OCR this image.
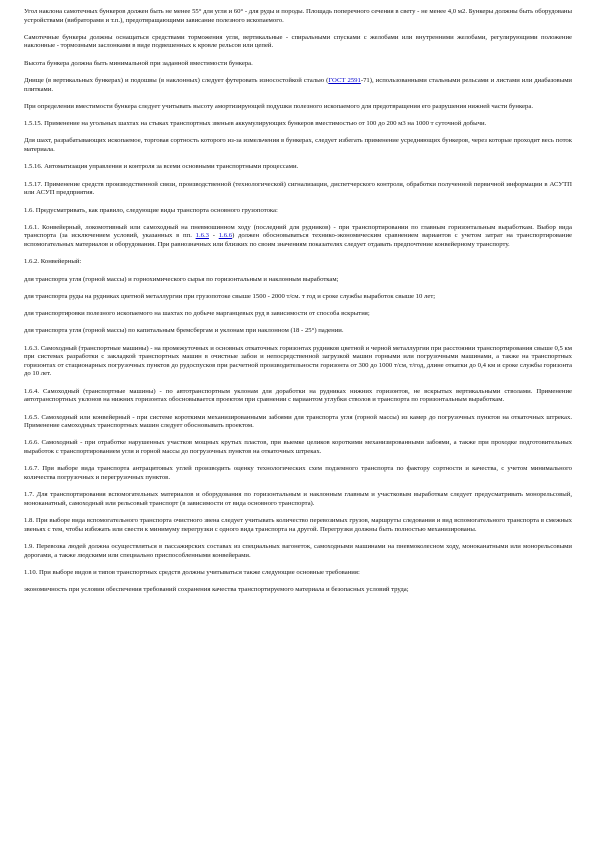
Угол наклона самотечных бункеров должен быть не менее 55° для угля и 60° - для руды и породы. Площадь поперечного сечения в свету - не менее 4,0 м2. Бункеры должны быть оборудованы устройствами (вибраторами и т.п.), предотвращающими зависание полезного ископаемого.

Самотечные бункеры должны оснащаться средствами торможения угля, вертикальные - спиральными спусками с желобами или внутренними желобами, регулирующими положение наклонные - тормозными заслонками в виде подвешенных к кровле рельсов или цепей.

Высота бункера должна быть минимальной при заданной вместимости бункера.

Днище (в вертикальных бункерах) и подошвы (в наклонных) следует футеровать износостойкой сталью (ГОСТ 2591-71), использованными стальными рельсами и листами или диабазовыми плитками.

При определении вместимости бункера следует учитывать высоту амортизирующей подушки полезного ископаемого для предотвращения его разрушения нижней части бункера.

1.5.15. Применение на угольных шахтах на стыках транспортных звеньев аккумулирующих бункеров вместимостью от 100 до 200 м3 на 1000 т суточной добычи.

Для шахт, разрабатывающих ископаемое, торговая сортность которого из-за измельчения в бункерах, следует избегать применение усредняющих бункеров, через которые проходит весь поток материала.

1.5.16. Автоматизация управления и контроля за всеми основными транспортными процессами.

1.5.17. Применение средств производственной связи, производственной (технологической) сигнализации, диспетчерского контроля, обработки полученной первичной информации в АСУТП или АСУП предприятия.

1.6. Предусматривать, как правило, следующие виды транспорта основного грузопотока:

1.6.1. Конвейерный, локомотивный или самоходный на пневмошинном ходу (последний для рудников) - при транспортировании по главным горизонтальным выработкам. Выбор вида транспорта (за исключением условий, указанных в пп. 1.6.3 - 1.6.6) должен обосновываться технико-экономическим сравнением вариантов с учетом затрат на транспортирование вспомогательных материалов и оборудования. При равнозначных или близких по своим значениям показателях следует отдавать предпочтение конвейерному транспорту.

1.6.2. Конвейерный:

для транспорта угля (горной массы) и горнохимического сырья по горизонтальным и наклонным выработкам;

для транспорта руды на рудниках цветной металлургии при грузопотоке свыше 1500 - 2000 т/см. т год и сроке службы выработок свыше 10 лет;

для транспортировки полезного ископаемого на шахтах по добыче марганцевых руд в зависимости от способа вскрытия;

для транспорта угля (горной массы) по капитальным бремсбергам и уклонам при наклонном (18 - 25°) падении.

1.6.3. Самоходный (транспортные машины) - на промежуточных и основных откаточных горизонтах рудников цветной и черной металлургии при расстоянии транспортирования свыше 0,5 км при системах разработки с закладкой транспортных машин в очистные забои и непосредственной загрузкой машин горными или погрузочными машинами, а также на транспортных горизонтах от стационарных погрузочных пунктов до рудоспусков при расчетной производительности горизонта от 300 до 1000 т/см, т/год, длине откатки до 0,4 км и сроке службы горизонта до 10 лет.

1.6.4. Самоходный (транспортные машины) - по автотранспортным уклонам для доработки на рудниках нижних горизонтов, не вскрытых вертикальными стволами. Применение автотранспортных уклонов на нижних горизонтах обосновывается проектом при сравнении с вариантом углубки стволов и транспорта по горизонтальным выработкам.

1.6.5. Самоходный или конвейерный - при системе короткими механизированными забоями для транспорта угля (горной массы) из камер до погрузочных пунктов на откаточных штреках. Применение самоходных транспортных машин следует обосновывать проектом.

1.6.6. Самоходный - при отработке нарушенных участков мощных крутых пластов, при выемке целиков короткими механизированными забоями, а также при проходке подготовительных выработок с транспортированием угля и горной массы до погрузочных пунктов на откаточных штреках.

1.6.7. При выборе вида транспорта антрацитовых углей производить оценку технологических схем подземного транспорта по фактору сортности и качества, с учетом минимального количества погрузочных и перегрузочных пунктов.

1.7. Для транспортирования вспомогательных материалов и оборудования по горизонтальным и наклонным главным и участковым выработкам следует предусматривать монорельсовый, моноканатный, самоходный или рельсовый транспорт (в зависимости от вида основного транспорта).

1.8. При выборе вида вспомогательного транспорта очистного звена следует учитывать количество перевозимых грузов, маршруты следования и вид вспомогательного транспорта в смежных звеньях с тем, чтобы избежать или свести к минимуму перегрузки с одного вида транспорта на другой. Перегрузки должны быть полностью механизированы.

1.9. Перевозка людей должна осуществляться в пассажирских составах из специальных вагонеток, самоходными машинами на пневмоколесном ходу, моноканатными или монорельсовыми дорогами, а также людскими или специально приспособленными конвейерами.

1.10. При выборе видов и типов транспортных средств должны учитываться также следующие основные требования:

экономичность при условии обеспечения требований сохранения качества транспортируемого материала и безопасных условий труда;
